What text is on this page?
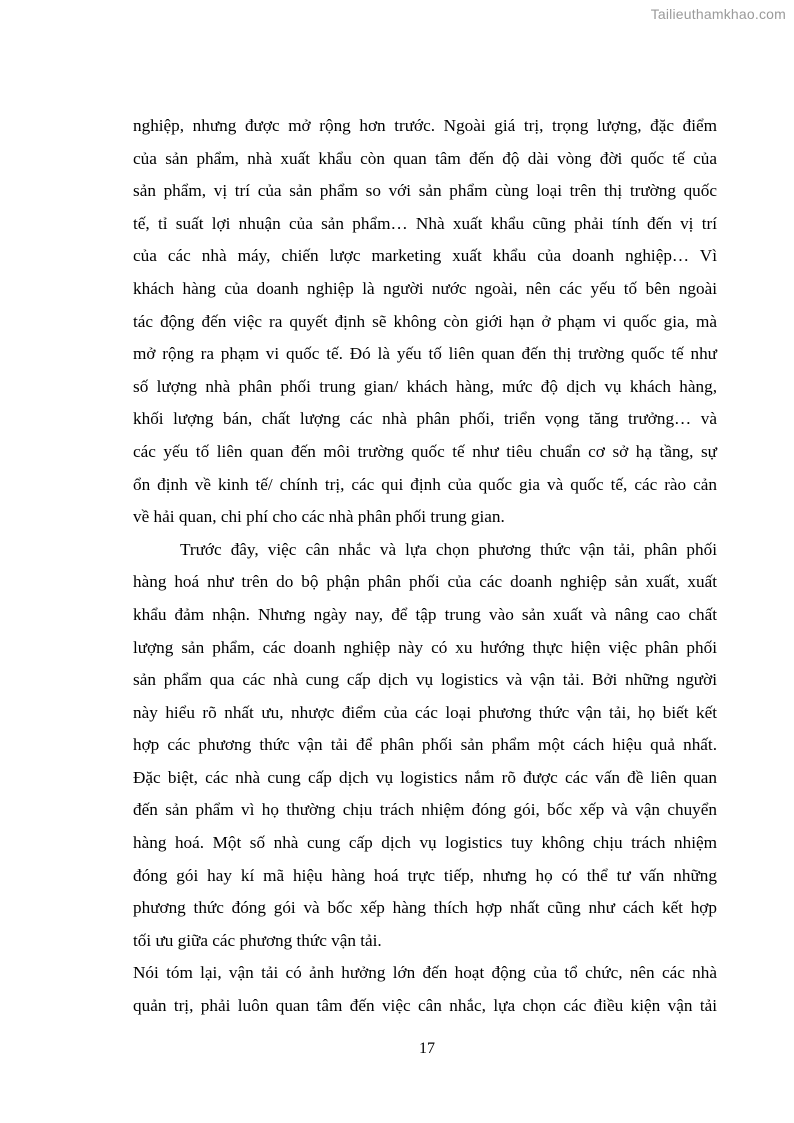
Tailieuthamkhao.com
nghiệp, nhưng được mở rộng hơn trước. Ngoài giá trị, trọng lượng, đặc điểm
của sản phẩm, nhà xuất khẩu còn quan tâm đến độ dài vòng đời quốc tế của
sản phẩm, vị trí của sản phẩm so với sản phẩm cùng loại trên thị trường quốc
tế, tỉ suất lợi nhuận của sản phẩm… Nhà xuất khẩu cũng phải tính đến vị trí
của các nhà máy, chiến lược marketing xuất khẩu của doanh nghiệp… Vì
khách hàng của doanh nghiệp là người nước ngoài, nên các yếu tố bên ngoài
tác động đến việc ra quyết định sẽ không còn giới hạn ở phạm vi quốc gia, mà
mở rộng ra phạm vi quốc tế. Đó là yếu tố liên quan đến thị trường quốc tế như
số lượng nhà phân phối trung gian/ khách hàng, mức độ dịch vụ khách hàng,
khối lượng bán, chất lượng các nhà phân phối, triển vọng tăng trưởng… và
các yếu tố liên quan đến môi trường quốc tế như tiêu chuẩn cơ sở hạ tầng, sự
ổn định về kinh tế/ chính trị, các qui định của quốc gia và quốc tế, các rào cản
về hải quan, chi phí cho các nhà phân phối trung gian.
Trước đây, việc cân nhắc và lựa chọn phương thức vận tải, phân phối
hàng hoá như trên do bộ phận phân phối của các doanh nghiệp sản xuất, xuất
khẩu đảm nhận. Nhưng ngày nay, để tập trung vào sản xuất và nâng cao chất
lượng sản phẩm, các doanh nghiệp này có xu hướng thực hiện việc phân phối
sản phẩm qua các nhà cung cấp dịch vụ logistics và vận tải. Bởi những người
này hiểu rõ nhất ưu, nhược điểm của các loại phương thức vận tải, họ biết kết
hợp các phương thức vận tải để phân phối sản phẩm một cách hiệu quả nhất.
Đặc biệt, các nhà cung cấp dịch vụ logistics nắm rõ được các vấn đề liên quan
đến sản phẩm vì họ thường chịu trách nhiệm đóng gói, bốc xếp và vận chuyển
hàng hoá. Một số nhà cung cấp dịch vụ logistics tuy không chịu trách nhiệm
đóng gói hay kí mã hiệu hàng hoá trực tiếp, nhưng họ có thể tư vấn những
phương thức đóng gói và bốc xếp hàng thích hợp nhất cũng như cách kết hợp
tối ưu giữa các phương thức vận tải.
Nói tóm lại, vận tải có ảnh hưởng lớn đến hoạt động của tổ chức, nên các nhà
quản trị, phải luôn quan tâm đến việc cân nhắc, lựa chọn các điều kiện vận tải
17
